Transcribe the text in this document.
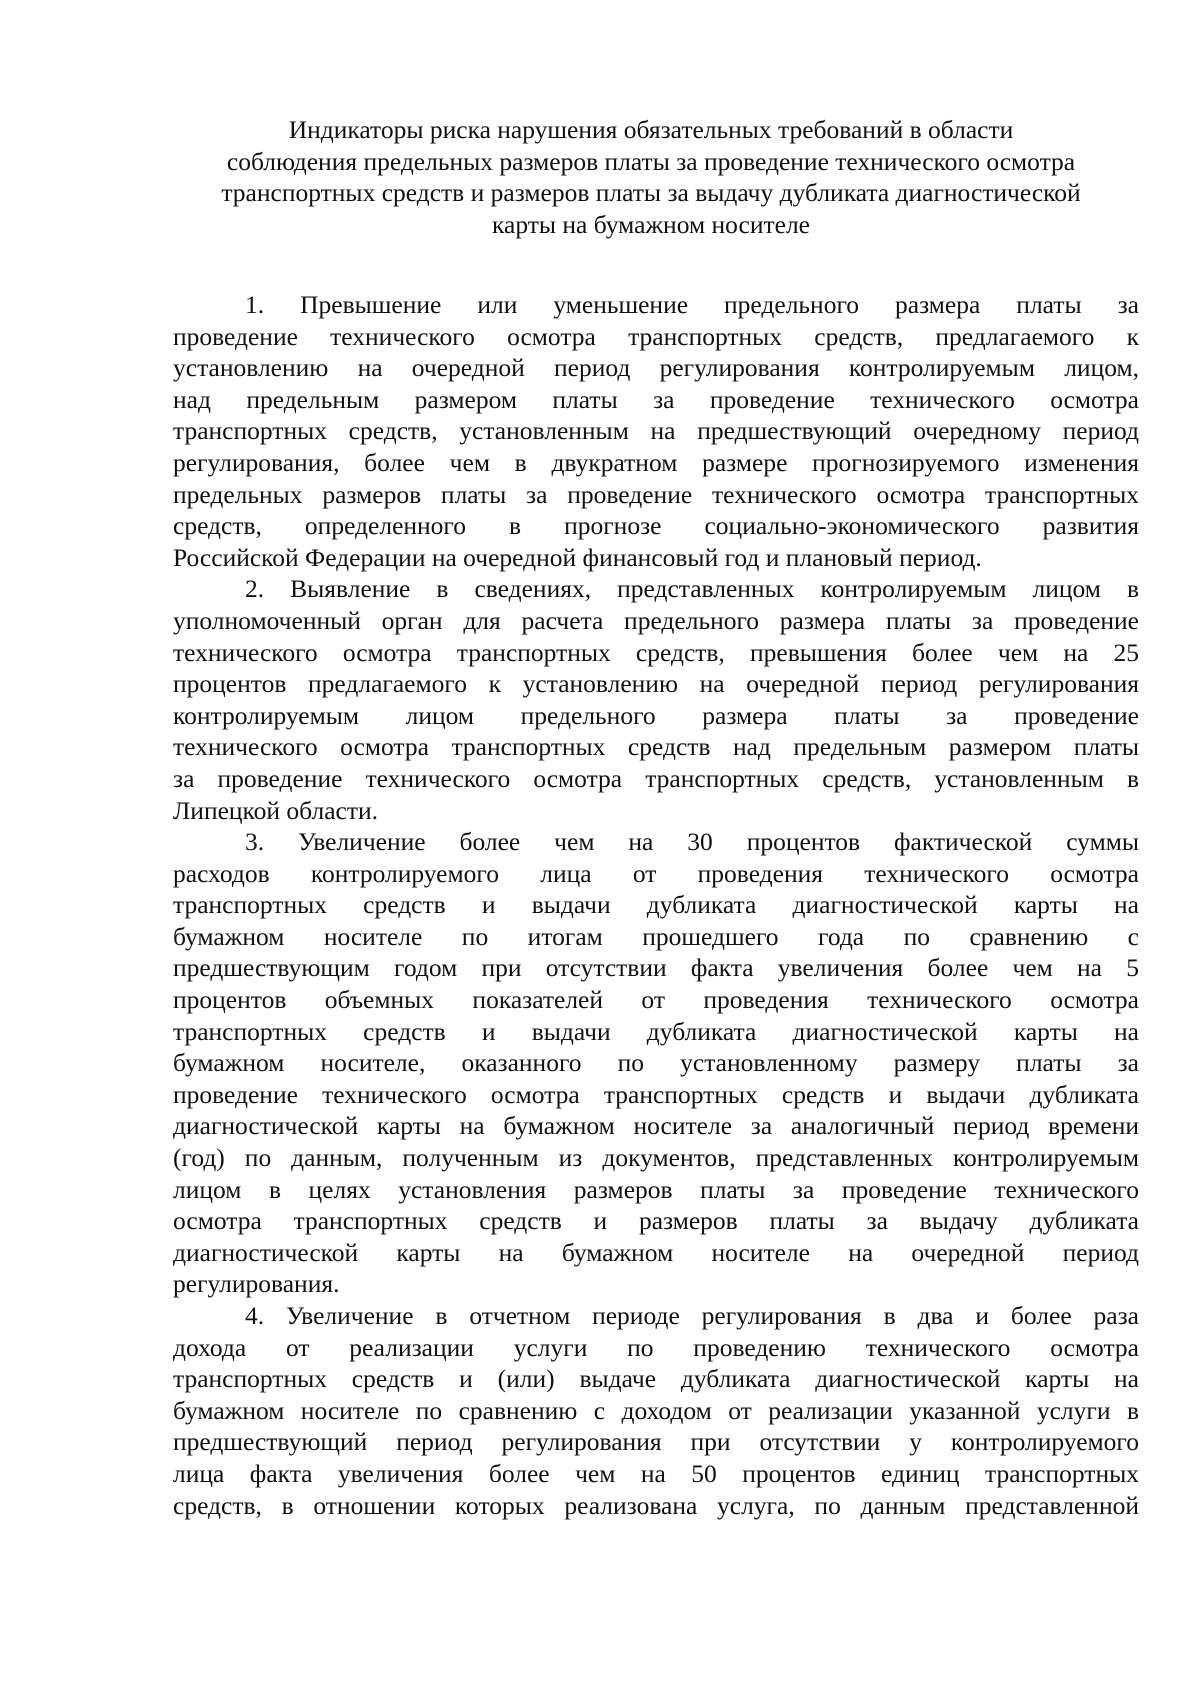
Индикаторы риска нарушения обязательных требований в области
соблюдения предельных размеров платы за проведение технического осмотра
транспортных средств и размеров платы за выдачу дубликата диагностической
карты на бумажном носителе
1. Превышение или уменьшение предельного размера платы за
проведение технического осмотра транспортных средств, предлагаемого к
установлению на очередной период регулирования контролируемым лицом,
над предельным размером платы за проведение технического осмотра
транспортных средств, установленным на предшествующий очередному период
регулирования, более чем в двукратном размере прогнозируемого изменения
предельных размеров платы за проведение технического осмотра транспортных
средств, определенного в прогнозе социально-экономического развития
Российской Федерации на очередной финансовый год и плановый период.
2. Выявление в сведениях, представленных контролируемым лицом в
уполномоченный орган для расчета предельного размера платы за проведение
технического осмотра транспортных средств, превышения более чем на 25
процентов предлагаемого к установлению на очередной период регулирования
контролируемым лицом предельного размера платы за проведение
технического осмотра транспортных средств над предельным размером платы
за проведение технического осмотра транспортных средств, установленным в
Липецкой области.
3. Увеличение более чем на 30 процентов фактической суммы
расходов контролируемого лица от проведения технического осмотра
транспортных средств и выдачи дубликата диагностической карты на
бумажном носителе по итогам прошедшего года по сравнению с
предшествующим годом при отсутствии факта увеличения более чем на 5
процентов объемных показателей от проведения технического осмотра
транспортных средств и выдачи дубликата диагностической карты на
бумажном носителе, оказанного по установленному размеру платы за
проведение технического осмотра транспортных средств и выдачи дубликата
диагностической карты на бумажном носителе за аналогичный период времени
(год) по данным, полученным из документов, представленных контролируемым
лицом в целях установления размеров платы за проведение технического
осмотра транспортных средств и размеров платы за выдачу дубликата
диагностической карты на бумажном носителе на очередной период
регулирования.
4. Увеличение в отчетном периоде регулирования в два и более раза
дохода от реализации услуги по проведению технического осмотра
транспортных средств и (или) выдаче дубликата диагностической карты на
бумажном носителе по сравнению с доходом от реализации указанной услуги в
предшествующий период регулирования при отсутствии у контролируемого
лица факта увеличения более чем на 50 процентов единиц транспортных
средств, в отношении которых реализована услуга, по данным представленной
